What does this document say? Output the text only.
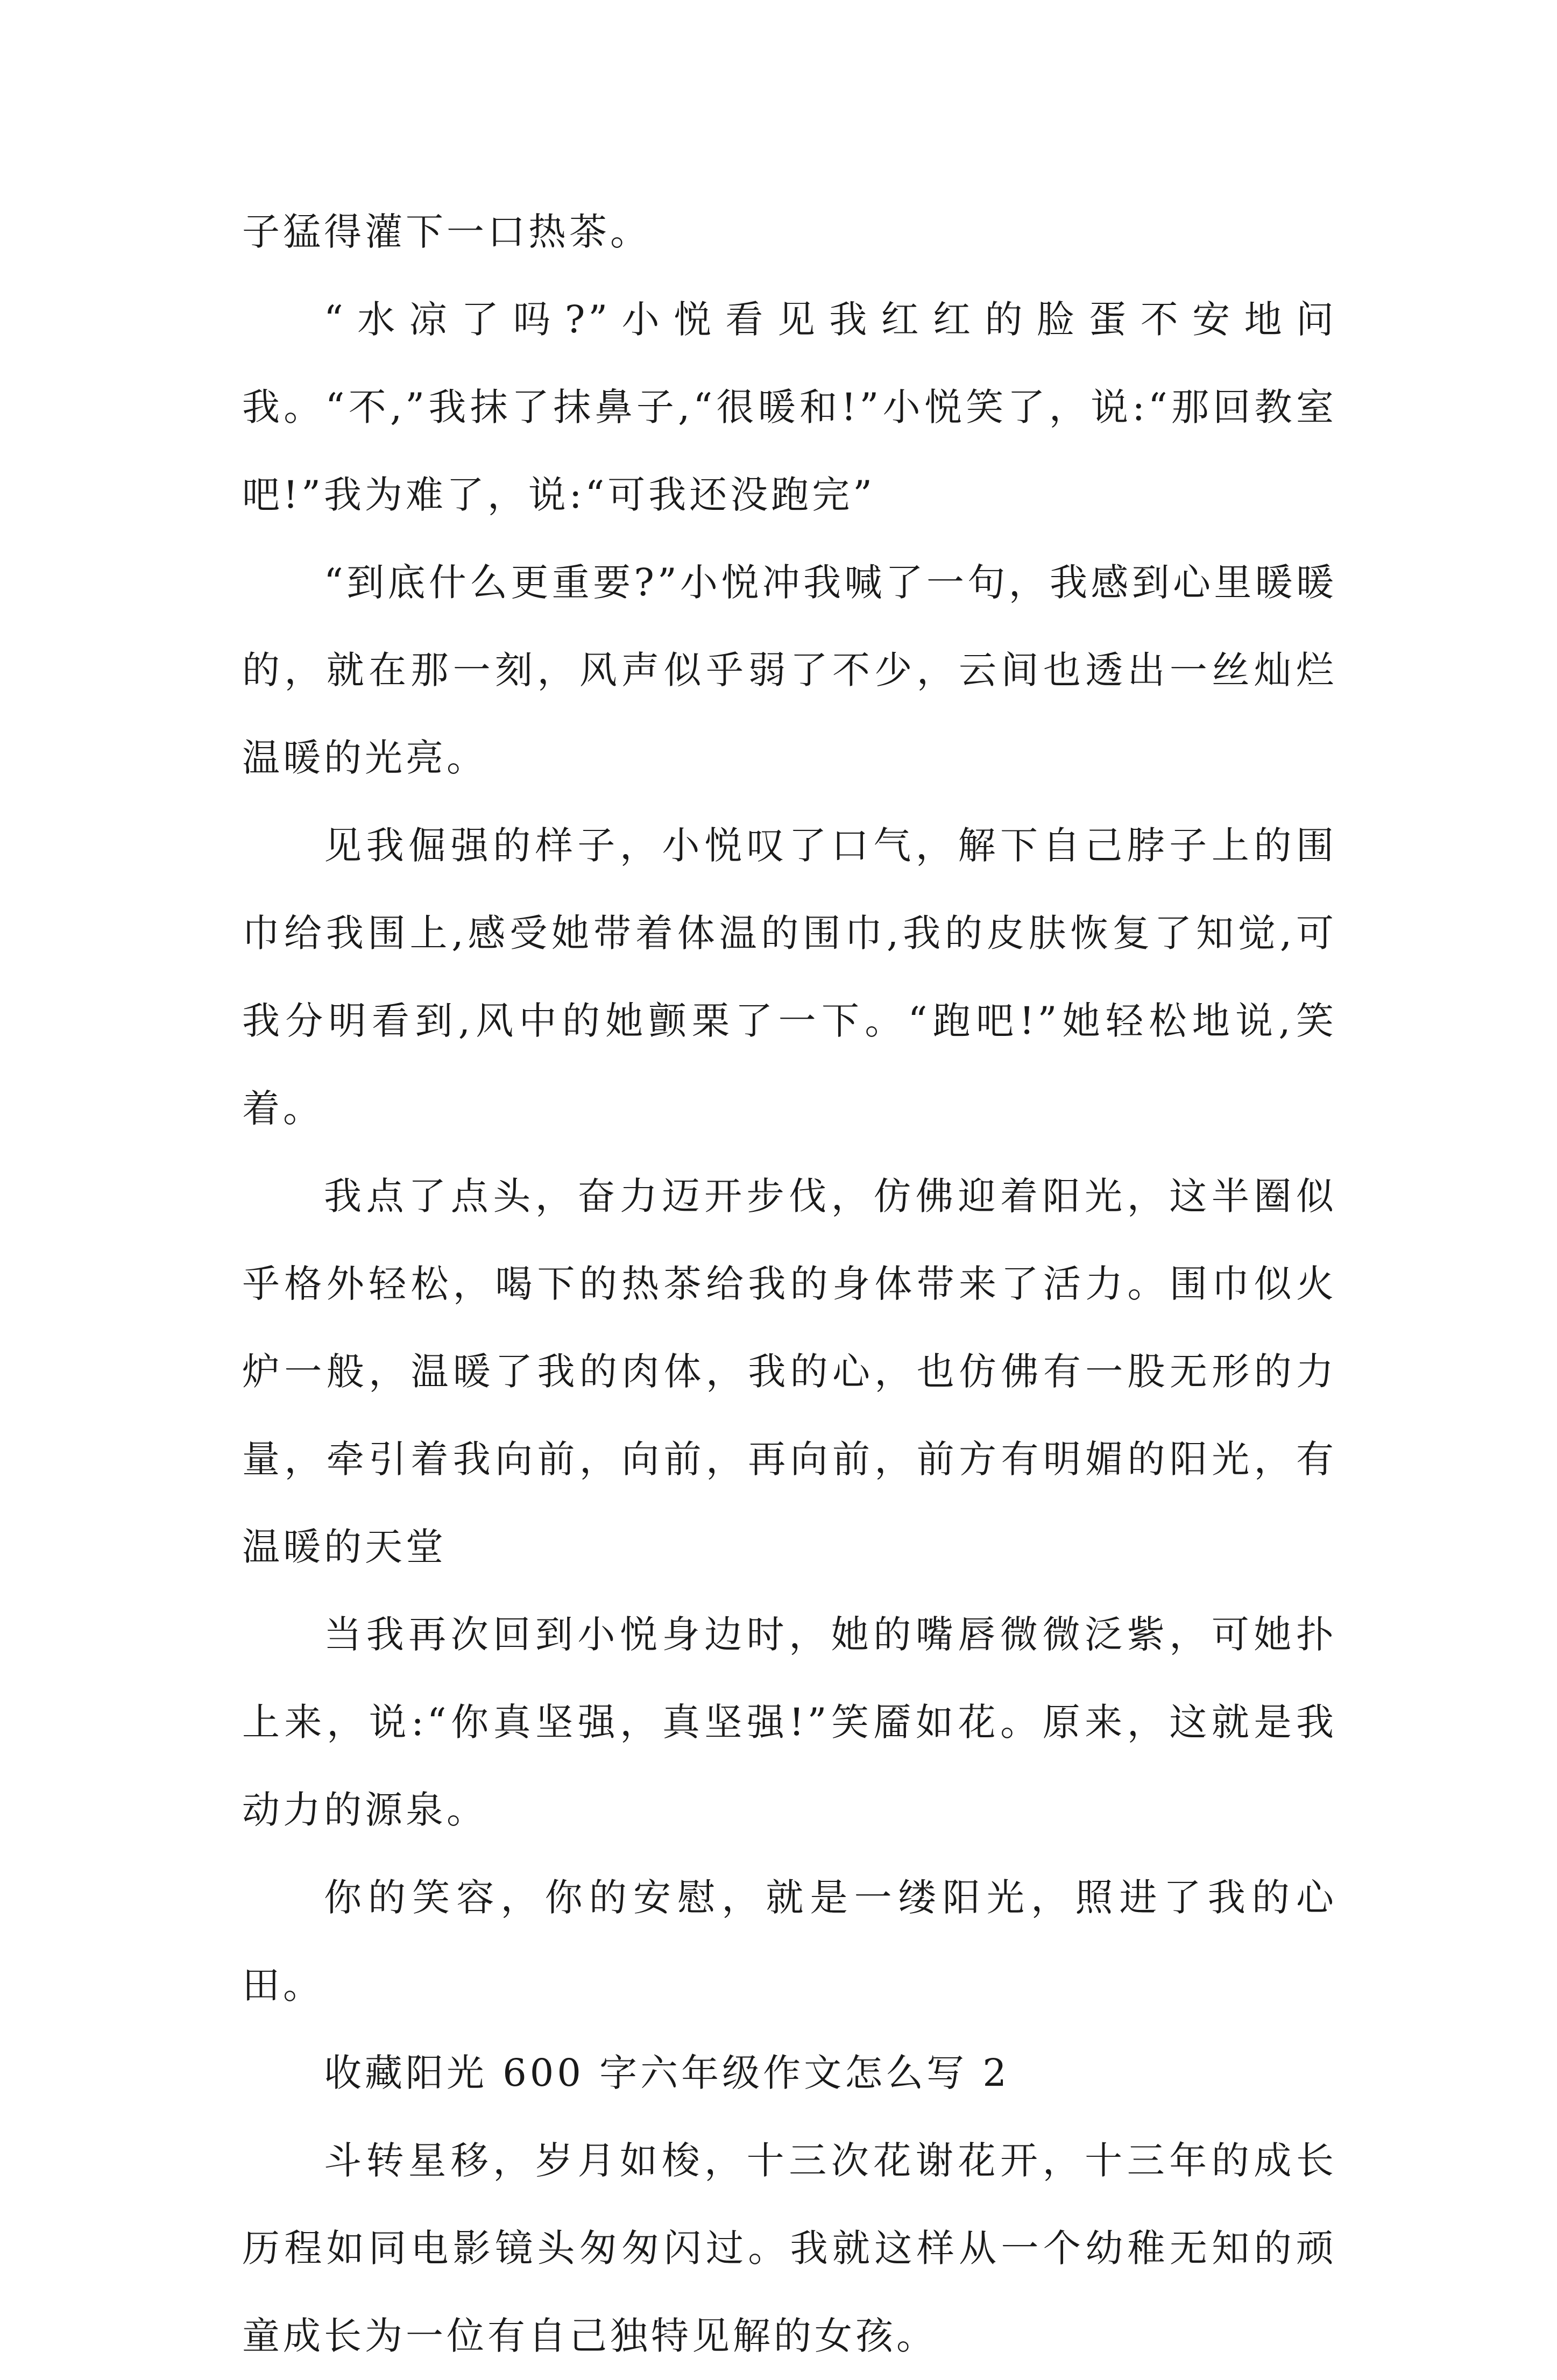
子猛得灌下一口热茶。

“水凉了吗?”小悦看见我红红的脸蛋不安地问我。“不,”我抹了抹鼻子,“很暖和!”小悦笑了，说:“那回教室吧!”我为难了，说:“可我还没跑完”

“到底什么更重要?”小悦冲我喊了一句，我感到心里暖暖的，就在那一刻，风声似乎弱了不少，云间也透出一丝灿烂温暖的光亮。

见我倔强的样子，小悦叹了口气，解下自己脖子上的围巾给我围上,感受她带着体温的围巾,我的皮肤恢复了知觉,可我分明看到,风中的她颤栗了一下。“跑吧!”她轻松地说,笑着。

我点了点头，奋力迈开步伐，仿佛迎着阳光，这半圈似乎格外轻松，喝下的热茶给我的身体带来了活力。围巾似火炉一般，温暖了我的肉体，我的心，也仿佛有一股无形的力量，牵引着我向前，向前，再向前，前方有明媚的阳光，有温暖的天堂

当我再次回到小悦身边时，她的嘴唇微微泛紫，可她扑上来，说:“你真坚强，真坚强!”笑靥如花。原来，这就是我动力的源泉。

你的笑容，你的安慰，就是一缕阳光，照进了我的心田。

收藏阳光 600 字六年级作文怎么写 2

斗转星移，岁月如梭，十三次花谢花开，十三年的成长历程如同电影镜头匆匆闪过。我就这样从一个幼稚无知的顽童成长为一位有自己独特见解的女孩。
